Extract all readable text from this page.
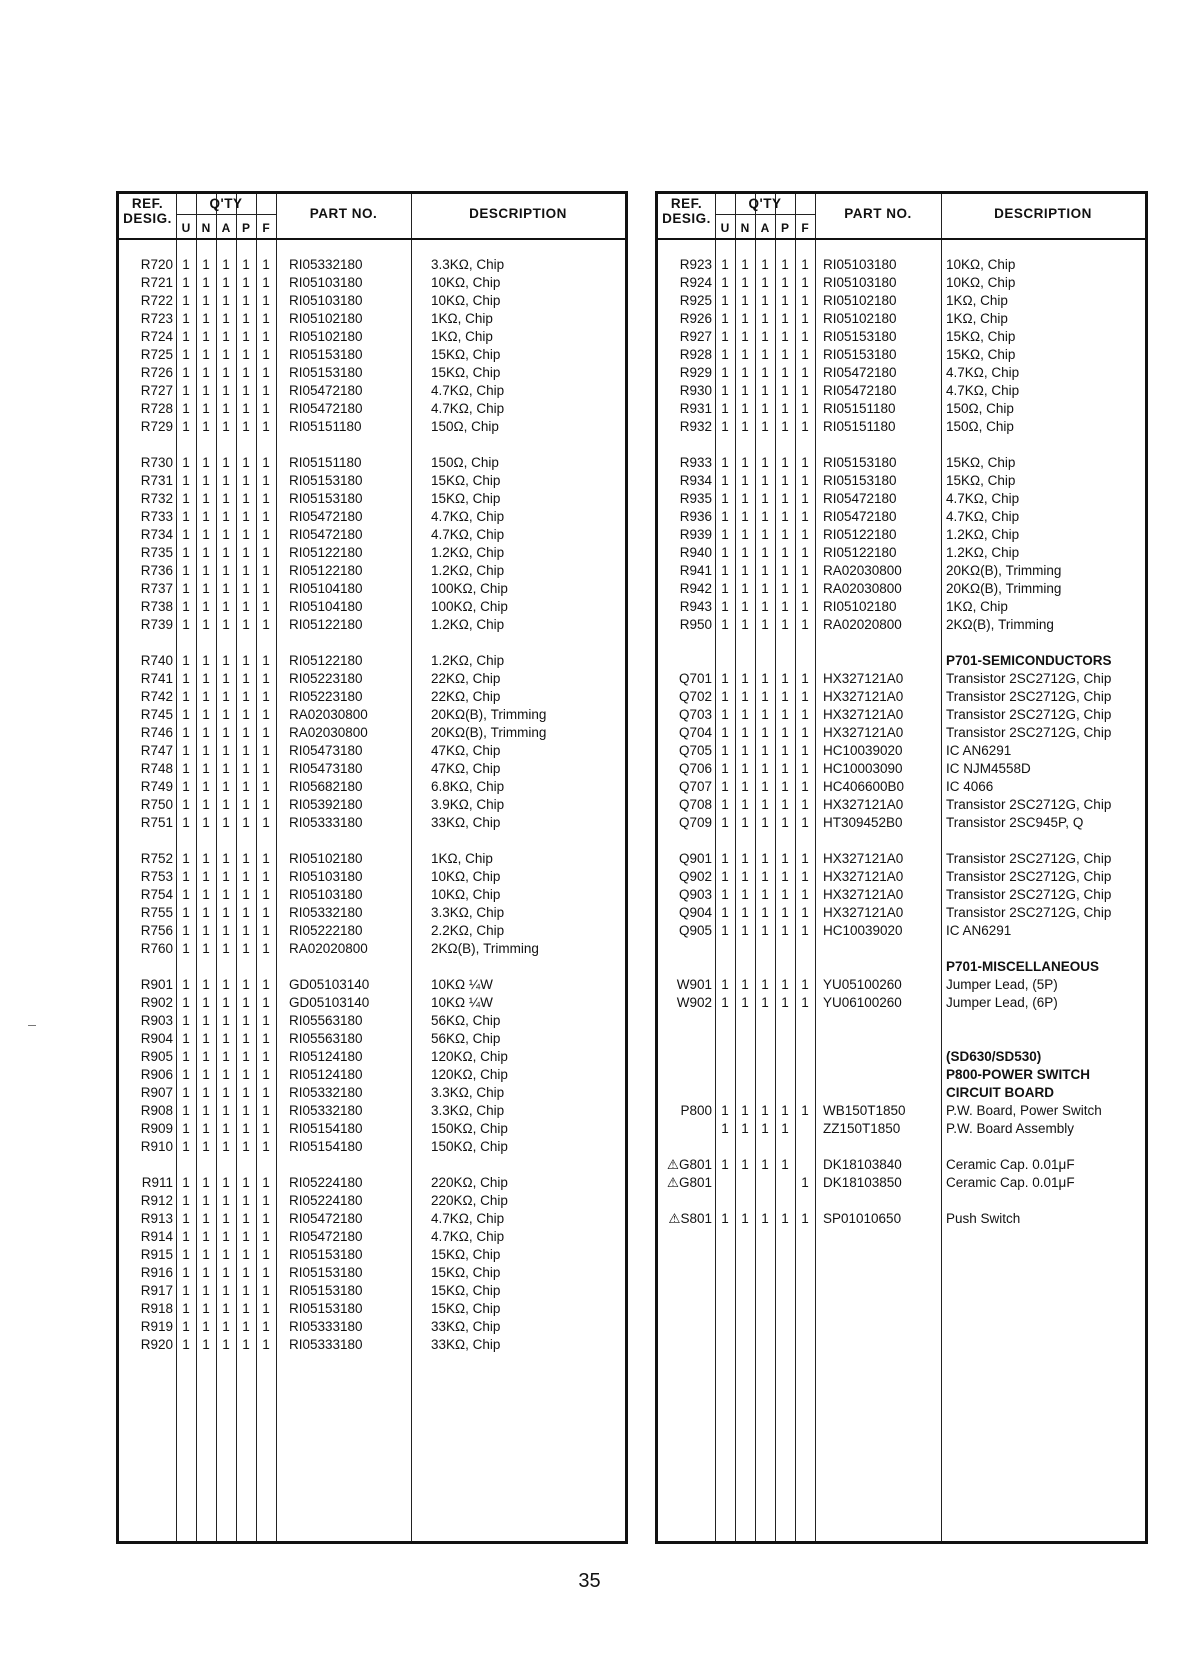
REF.
DESIG.
Q'TY
U N A P	F
PART NO.	DESCRIPTION
R720 1 1 1 1 1	RI05332180	3.3KΩ, Chip
R721 1 1 1 1 1	RI05103180	10KΩ, Chip
R722 1 1 1 1 1	RI05103180	10KΩ, Chip
R723 1 1 1 1 1	RI05102180	1KΩ, Chip
R724 1 1 1 1 1	RI05102180	1KΩ, Chip
R725 1 1 1 1 1	RI05153180	15KΩ, Chip
R726 1 1 1 1 1	RI05153180	15KΩ, Chip
R727 1 1 1 1 1	RI05472180	4.7KΩ, Chip
R728 1 1 1 1 1	RI05472180	4.7KΩ, Chip
R729 1 1 1 1 1	RI05151180	150Ω, Chip
R730 1 1 1 1 1	RI05151180	150Ω, Chip
R731 1 1 1 1 1	RI05153180	15KΩ, Chip
R732 1 1 1 1 1	RI05153180	15KΩ, Chip
R733 1 1 1 1 1	RI05472180	4.7KΩ, Chip
R734 1 1 1 1 1	RI05472180	4.7KΩ, Chip
R735 1 1 1 1 1	RI05122180	1.2KΩ, Chip
R736 1 1 1 1 1	RI05122180	1.2KΩ, Chip
R737 1 1 1 1 1	RI05104180	100KΩ, Chip
R738 1 1 1 1 1	RI05104180	100KΩ, Chip
R739 1 1 1 1 1	RI05122180	1.2KΩ, Chip
R740 1 1 1 1 1	RI05122180	1.2KΩ, Chip
R741 1 1 1 1 1	RI05223180	22KΩ, Chip
R742 1 1 1 1 1	RI05223180	22KΩ, Chip
R745 1 1 1 1 1	RA02030800	20KΩ(B), Trimming
R746 1 1 1 1 1	RA02030800	20KΩ(B), Trimming
R747 1 1 1 1 1	RI05473180	47KΩ, Chip
R748 1 1 1 1 1	RI05473180	47KΩ, Chip
R749 1 1 1 1 1	RI05682180	6.8KΩ, Chip
R750 1 1 1 1 1	RI05392180	3.9KΩ, Chip
R751 1 1 1 1 1	RI05333180	33KΩ, Chip
R752 1 1 1 1 1	RI05102180	1KΩ, Chip
R753 1 1 1 1 1	RI05103180	10KΩ, Chip
R754 1 1 1 1 1	RI05103180	10KΩ, Chip
R755 1 1 1 1 1	RI05332180	3.3KΩ, Chip
R756 1 1 1 1 1	RI05222180	2.2KΩ, Chip
R760 1 1 1 1 1	RA02020800	2KΩ(B), Trimming
R901 1 1 1 1 1	GD05103140	10KΩ ¼W
R902 1 1 1 1 1	GD05103140	10KΩ ¼W
R903 1 1 1 1 1	RI05563180	56KΩ, Chip
R904 1 1 1 1 1	RI05563180	56KΩ, Chip
R905 1 1 1 1 1	RI05124180	120KΩ, Chip
R906 1 1 1 1 1	RI05124180	120KΩ, Chip
R907 1 1 1 1 1	RI05332180	3.3KΩ, Chip
R908 1 1 1 1 1	RI05332180	3.3KΩ, Chip
R909 1 1 1 1 1	RI05154180	150KΩ, Chip
R910 1 1 1 1 1	RI05154180	150KΩ, Chip
R911 1 1 1 1 1	RI05224180	220KΩ, Chip
R912 1 1 1 1 1	RI05224180	220KΩ, Chip
R913 1 1 1 1 1	RI05472180	4.7KΩ, Chip
R914 1 1 1 1 1	RI05472180	4.7KΩ, Chip
R915 1 1 1 1 1	RI05153180	15KΩ, Chip
R916 1 1 1 1 1	RI05153180	15KΩ, Chip
R917 1 1 1 1 1	RI05153180	15KΩ, Chip
R918 1 1 1 1 1	RI05153180	15KΩ, Chip
R919 1 1 1 1 1	RI05333180	33KΩ, Chip
R920 1 1 1 1 1	RI05333180	33KΩ, Chip
REF.
DESIG.
Q'TY
U N A P	F
PART NO.	DESCRIPTION
R923 1 1 1 1 1	RI05103180	10KΩ, Chip
R924 1 1 1 1 1	RI05103180	10KΩ, Chip
R925 1 1 1 1 1	RI05102180	1KΩ, Chip
R926 1 1 1 1 1	RI05102180	1KΩ, Chip
R927 1 1 1 1 1	RI05153180	15KΩ, Chip
R928 1 1 1 1 1	RI05153180	15KΩ, Chip
R929 1 1 1 1 1	RI05472180	4.7KΩ, Chip
R930 1 1 1 1 1	RI05472180	4.7KΩ, Chip
R931 1 1 1 1 1	RI05151180	150Ω, Chip
R932 1 1 1 1 1	RI05151180	150Ω, Chip
R933 1 1 1 1 1	RI05153180	15KΩ, Chip
R934 1 1 1 1 1	RI05153180	15KΩ, Chip
R935 1 1 1 1 1	RI05472180	4.7KΩ, Chip
R936 1 1 1 1 1	RI05472180	4.7KΩ, Chip
R939 1 1 1 1 1	RI05122180	1.2KΩ, Chip
R940 1 1 1 1 1	RI05122180	1.2KΩ, Chip
R941 1 1 1 1 1	RA02030800	20KΩ(B), Trimming
R942 1 1 1 1 1	RA02030800	20KΩ(B), Trimming
R943 1 1 1 1 1	RI05102180	1KΩ, Chip
R950 1 1 1 1 1	RA02020800	2KΩ(B), Trimming
P701-SEMICONDUCTORS
Q701 1 1 1 1 1	HX327121A0	Transistor 2SC2712G, Chip
Q702 1 1 1 1 1	HX327121A0	Transistor 2SC2712G, Chip
Q703 1 1 1 1 1	HX327121A0	Transistor 2SC2712G, Chip
Q704 1 1 1 1 1	HX327121A0	Transistor 2SC2712G, Chip
Q705 1 1 1 1 1	HC10039020	IC AN6291
Q706 1 1 1 1 1	HC10003090	IC NJM4558D
Q707 1 1 1 1 1	HC406600B0	IC 4066
Q708 1 1 1 1 1	HX327121A0	Transistor 2SC2712G, Chip
Q709 1 1 1 1 1	HT309452B0	Transistor 2SC945P, Q
Q901 1 1 1 1 1	HX327121A0	Transistor 2SC2712G, Chip
Q902 1 1 1 1 1	HX327121A0	Transistor 2SC2712G, Chip
Q903 1 1 1 1 1	HX327121A0	Transistor 2SC2712G, Chip
Q904 1 1 1 1 1	HX327121A0	Transistor 2SC2712G, Chip
Q905 1 1 1 1 1	HC10039020	IC AN6291
P701-MISCELLANEOUS
W901 1 1 1 1 1	YU05100260	Jumper Lead, (5P)
W902 1 1 1 1 1	YU06100260	Jumper Lead, (6P)
(SD630/SD530)
P800-POWER SWITCH
CIRCUIT BOARD
P800 1 1 1 1 1	WB150T1850	P.W. Board, Power Switch
1 1 1 1	ZZ150T1850	P.W. Board Assembly
⚠G801 1 1 1 1	DK18103840	Ceramic Cap. 0.01μF
⚠G801	1	DK18103850	Ceramic Cap. 0.01μF
⚠S801 1 1 1 1 1	SP01010650	Push Switch
35
